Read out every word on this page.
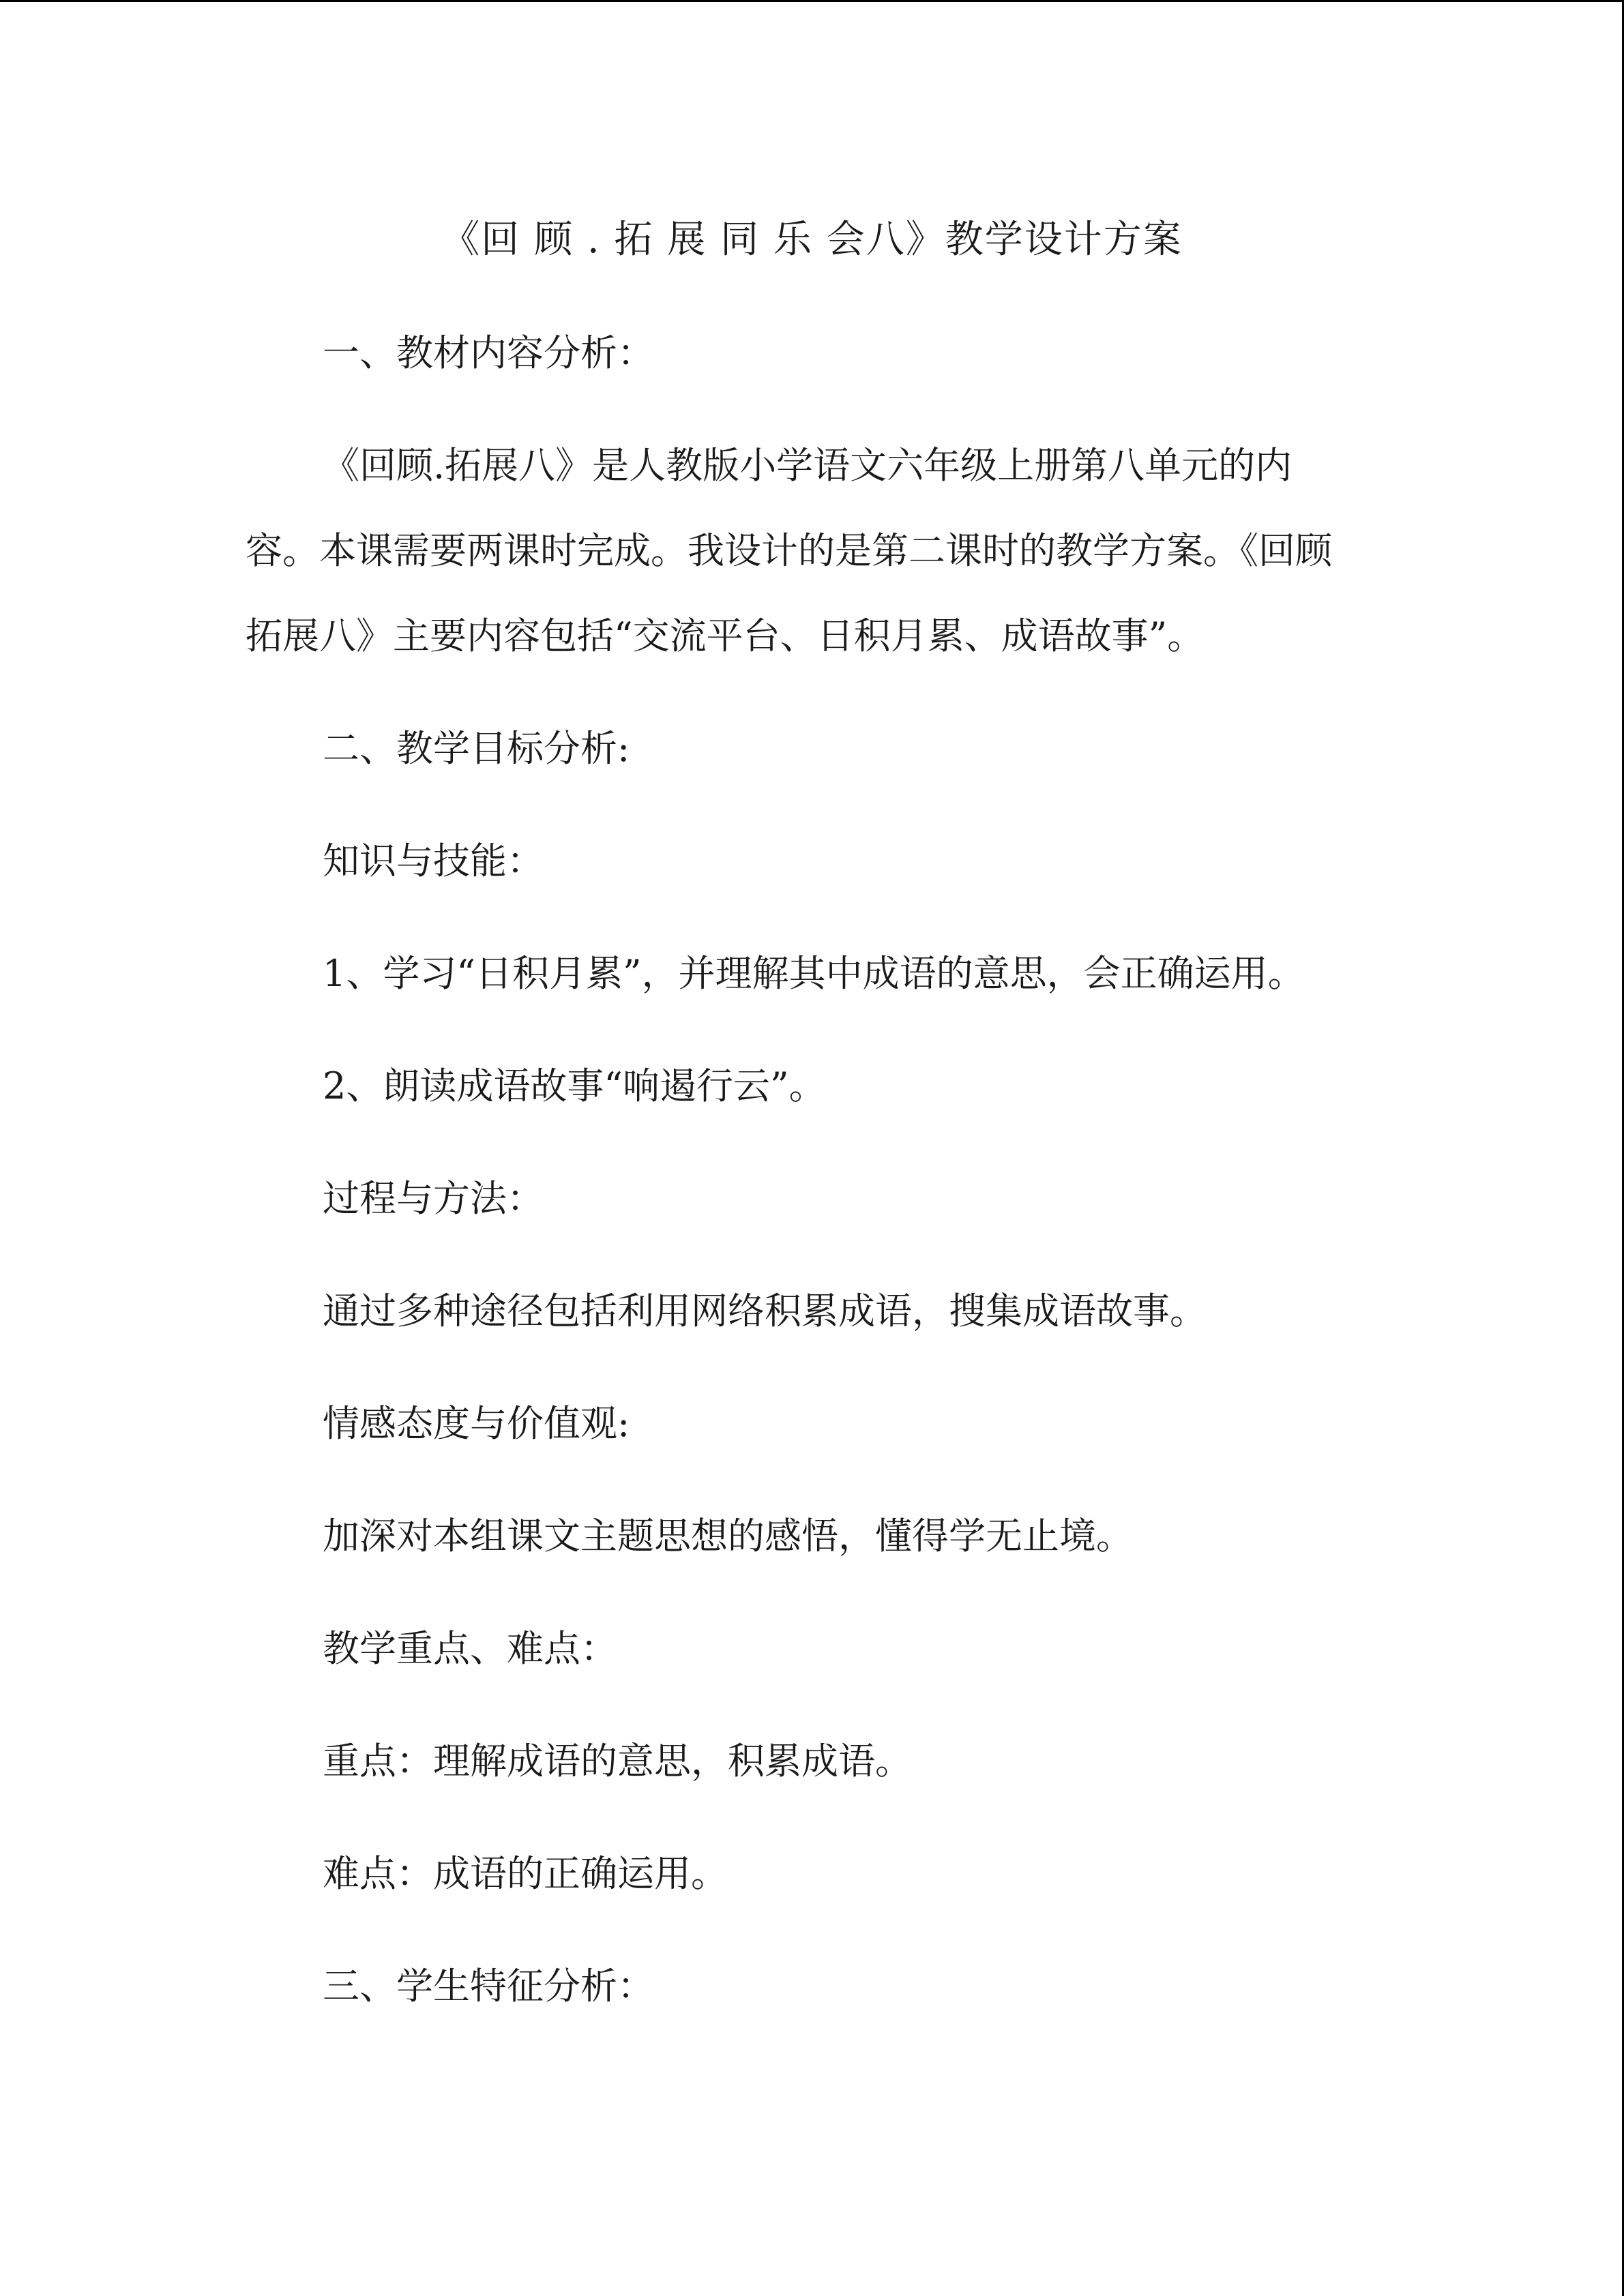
《回 顾 . 拓 展 同 乐 会八》教学设计方案
一、教材内容分析：
《回顾.拓展八》是人教版小学语文六年级上册第八单元的内
容。本课需要两课时完成。我设计的是第二课时的教学方案。《回顾
拓展八》主要内容包括“交流平台、日积月累、成语故事”。
二、教学目标分析:
知识与技能：
1、学习“日积月累”，并理解其中成语的意思，会正确运用。
2、朗读成语故事“响遏行云”。
过程与方法：
通过多种途径包括利用网络积累成语，搜集成语故事。
情感态度与价值观:
加深对本组课文主题思想的感悟，懂得学无止境。
教学重点、难点：
重点：理解成语的意思，积累成语。
难点：成语的正确运用。
三、学生特征分析：
